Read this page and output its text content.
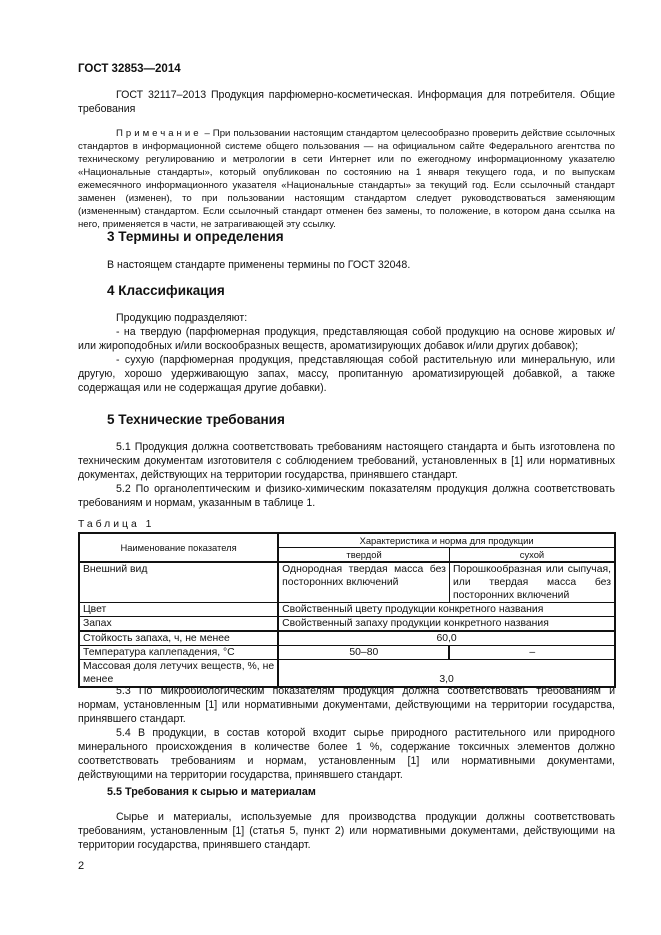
ГОСТ 32853—2014

ГОСТ 32117–2013 Продукция парфюмерно-косметическая. Информация для потребителя. Общие требования

Примечание – При пользовании настоящим стандартом целесообразно проверить действие ссылочных стандартов в информационной системе общего пользования — на официальном сайте Федерального агентства по техническому регулированию и метрологии в сети Интернет или по ежегодному информационному указателю «Национальные стандарты», который опубликован по состоянию на 1 января текущего года, и по выпускам ежемесячного информационного указателя «Национальные стандарты» за текущий год. Если ссылочный стандарт заменен (изменен), то при пользовании настоящим стандартом следует руководствоваться заменяющим (измененным) стандартом. Если ссылочный стандарт отменен без замены, то положение, в котором дана ссылка на него, применяется в части, не затрагивающей эту ссылку.

3 Термины и определения

В настоящем стандарте применены термины по ГОСТ 32048.

4 Классификация

Продукцию подразделяют:

- на твердую (парфюмерная продукция, представляющая собой продукцию на основе жировых и/или жироподобных и/или воскообразных веществ, ароматизирующих добавок и/или других добавок);

- сухую (парфюмерная продукция, представляющая собой растительную или минеральную, или другую, хорошо удерживающую запах, массу, пропитанную ароматизирующей добавкой, а также содержащая или не содержащая другие добавки).

5 Технические требования

5.1 Продукция должна соответствовать требованиям настоящего стандарта и быть изготовлена по техническим документам изготовителя с соблюдением требований, установленных в [1] или нормативных документах, действующих на территории государства, принявшего стандарт.

5.2 По органолептическим и физико-химическим показателям продукция должна соответствовать требованиям и нормам, указанным в таблице 1.

Таблица 1
Наименование показателя	Характеристика и норма для продукции	
	твердой	сухой
Внешний вид	Однородная твердая масса без посторонних включений	Порошкообразная или сыпучая, или твердая масса без посторонних включений
Цвет	Свойственный цвету продукции конкретного названия	
Запах	Свойственный запаху продукции конкретного названия	
Стойкость запаха, ч, не менее	60,0	
Температура каплепадения, °С	50–80	–
Массовая доля летучих веществ, %, не менее	3,0	

5.3 По микробиологическим показателям продукция должна соответствовать требованиям и нормам, установленным [1] или нормативными документами, действующими на территории государства, принявшего стандарт.

5.4 В продукции, в состав которой входит сырье природного растительного или природного минерального происхождения в количестве более 1 %, содержание токсичных элементов должно соответствовать требованиям и нормам, установленным [1] или нормативными документами, действующими на территории государства, принявшего стандарт.

5.5 Требования к сырью и материалам

Сырье и материалы, используемые для производства продукции должны соответствовать требованиям, установленным [1] (статья 5, пункт 2) или нормативными документами, действующими на территории государства, принявшего стандарт.

2
